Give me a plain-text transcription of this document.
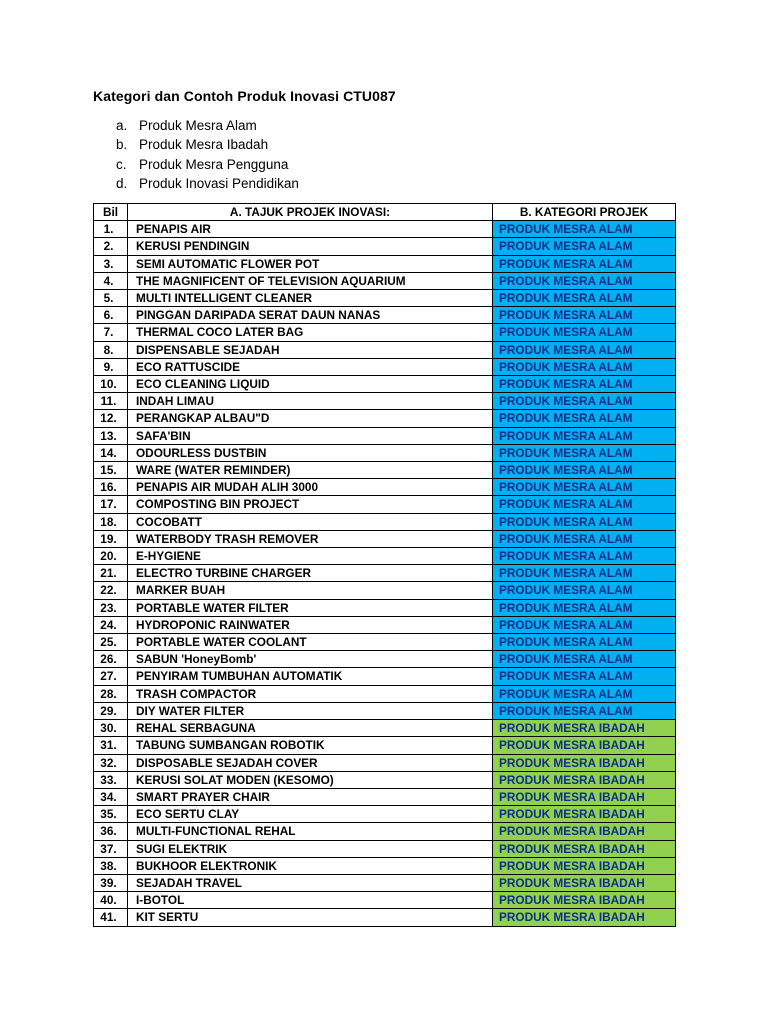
Kategori dan Contoh Produk Inovasi CTU087
a. Produk Mesra Alam
b. Produk Mesra Ibadah
c. Produk Mesra Pengguna
d. Produk Inovasi Pendidikan
Bil	A. TAJUK PROJEK INOVASI:	B. KATEGORI PROJEK
1.	PENAPIS AIR	PRODUK MESRA ALAM
2.	KERUSI PENDINGIN	PRODUK MESRA ALAM
3.	SEMI AUTOMATIC FLOWER POT	PRODUK MESRA ALAM
4.	THE MAGNIFICENT OF TELEVISION AQUARIUM	PRODUK MESRA ALAM
5.	MULTI INTELLIGENT CLEANER	PRODUK MESRA ALAM
6.	PINGGAN DARIPADA SERAT DAUN NANAS	PRODUK MESRA ALAM
7.	THERMAL COCO LATER BAG	PRODUK MESRA ALAM
8.	DISPENSABLE SEJADAH	PRODUK MESRA ALAM
9.	ECO RATTUSCIDE	PRODUK MESRA ALAM
10.	ECO CLEANING LIQUID	PRODUK MESRA ALAM
11.	INDAH LIMAU	PRODUK MESRA ALAM
12.	PERANGKAP ALBAU"D	PRODUK MESRA ALAM
13.	SAFA'BIN	PRODUK MESRA ALAM
14.	ODOURLESS DUSTBIN	PRODUK MESRA ALAM
15.	WARE (WATER REMINDER)	PRODUK MESRA ALAM
16.	PENAPIS AIR MUDAH ALIH 3000	PRODUK MESRA ALAM
17.	COMPOSTING BIN PROJECT	PRODUK MESRA ALAM
18.	COCOBATT	PRODUK MESRA ALAM
19.	WATERBODY TRASH REMOVER	PRODUK MESRA ALAM
20.	E-HYGIENE	PRODUK MESRA ALAM
21.	ELECTRO TURBINE CHARGER	PRODUK MESRA ALAM
22.	MARKER BUAH	PRODUK MESRA ALAM
23.	PORTABLE WATER FILTER	PRODUK MESRA ALAM
24.	HYDROPONIC RAINWATER	PRODUK MESRA ALAM
25.	PORTABLE WATER COOLANT	PRODUK MESRA ALAM
26.	SABUN 'HoneyBomb'	PRODUK MESRA ALAM
27.	PENYIRAM TUMBUHAN AUTOMATIK	PRODUK MESRA ALAM
28.	TRASH COMPACTOR	PRODUK MESRA ALAM
29.	DIY WATER FILTER	PRODUK MESRA ALAM
30.	REHAL SERBAGUNA	PRODUK MESRA IBADAH
31.	TABUNG SUMBANGAN ROBOTIK	PRODUK MESRA IBADAH
32.	DISPOSABLE SEJADAH COVER	PRODUK MESRA IBADAH
33.	KERUSI SOLAT MODEN (KESOMO)	PRODUK MESRA IBADAH
34.	SMART PRAYER CHAIR	PRODUK MESRA IBADAH
35.	ECO SERTU CLAY	PRODUK MESRA IBADAH
36.	MULTI-FUNCTIONAL REHAL	PRODUK MESRA IBADAH
37.	SUGI ELEKTRIK	PRODUK MESRA IBADAH
38.	BUKHOOR ELEKTRONIK	PRODUK MESRA IBADAH
39.	SEJADAH TRAVEL	PRODUK MESRA IBADAH
40.	I-BOTOL	PRODUK MESRA IBADAH
41.	KIT SERTU	PRODUK MESRA IBADAH
